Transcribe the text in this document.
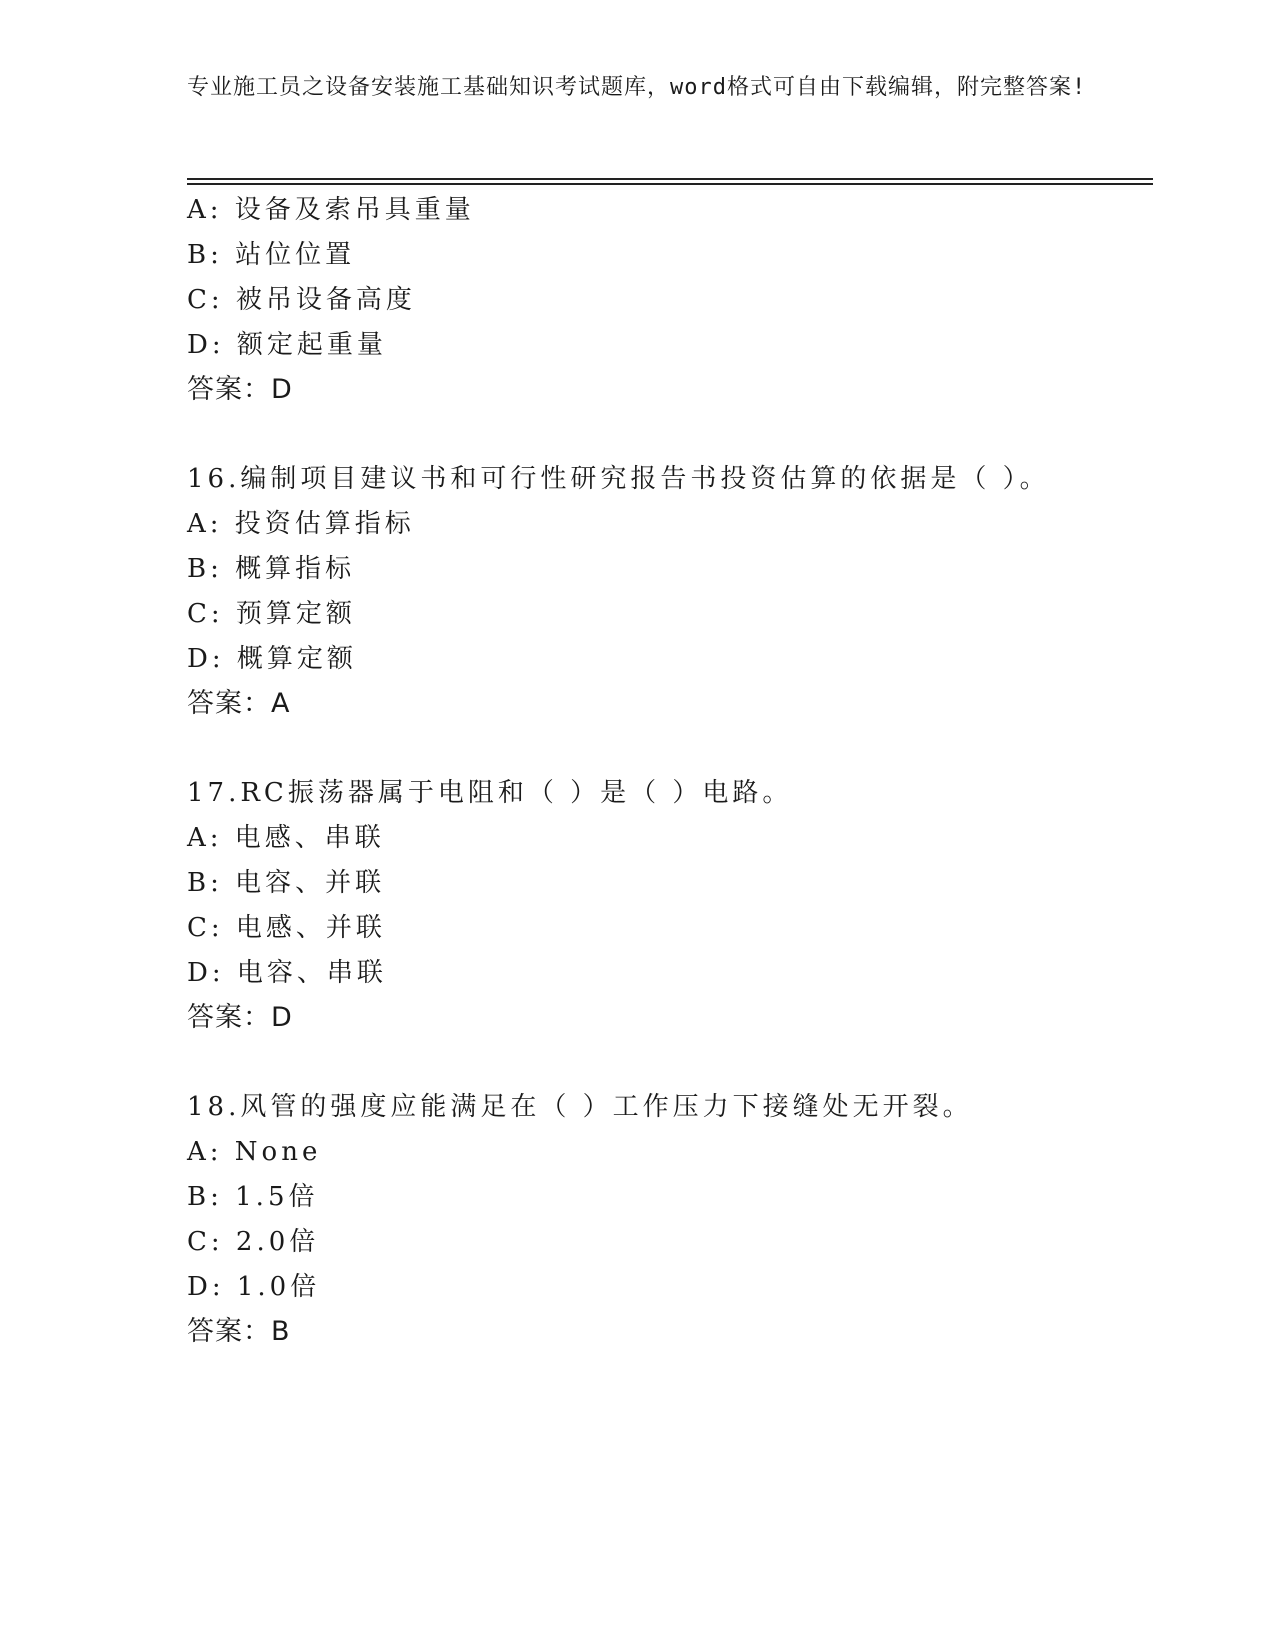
专业施工员之设备安装施工基础知识考试题库，word格式可自由下载编辑，附完整答案!
A: 设备及索吊具重量
B: 站位位置
C: 被吊设备高度
D: 额定起重量
答案：D
16.编制项目建议书和可行性研究报告书投资估算的依据是（ ）。
A: 投资估算指标
B: 概算指标
C: 预算定额
D: 概算定额
答案：A
17.RC振荡器属于电阻和（ ）是（ ）电路。
A: 电感、串联
B: 电容、并联
C: 电感、并联
D: 电容、串联
答案：D
18.风管的强度应能满足在（ ）工作压力下接缝处无开裂。
A: None
B: 1.5倍
C: 2.0倍
D: 1.0倍
答案：B
